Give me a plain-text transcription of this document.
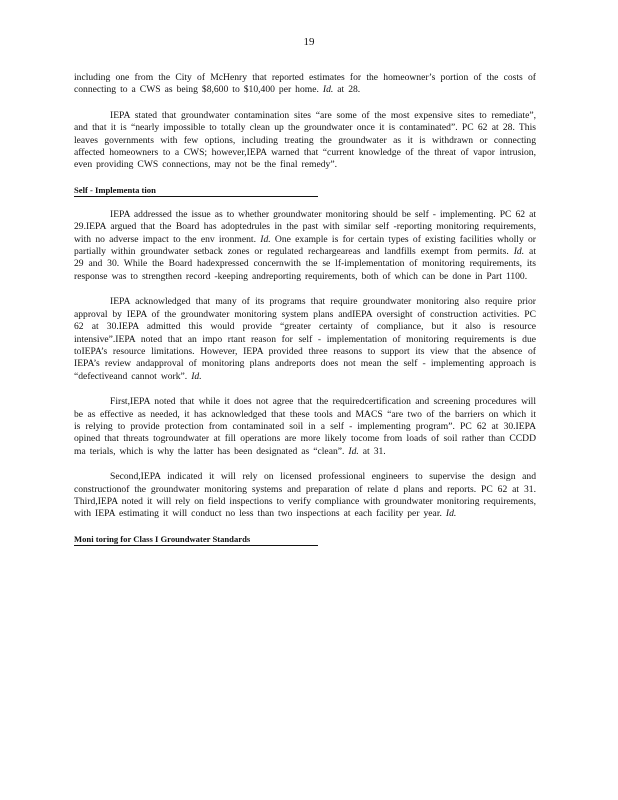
19

including one from the City of McHenry that reported estimates for the homeowner’s portion of the costs of connecting to a CWS as being $8,600 to $10,400 per home. Id. at 28.

IEPA stated that groundwater contamination sites “are some of the most expensive sites to remediate”, and that it is “nearly impossible to totally clean up the groundwater once it is contaminated”. PC 62 at 28. This leaves governments with few options, including treating the groundwater as it is withdrawn or connecting affected homeowners to a CWS; however,IEPA warned that “current knowledge of the threat of vapor intrusion, even providing CWS connections, may not be the final remedy”.

Self - Implementa tion

IEPA addressed the issue as to whether groundwater monitoring should be self - implementing. PC 62 at 29.IEPA argued that the Board has adoptedrules in the past with similar self -reporting monitoring requirements, with no adverse impact to the env ironment. Id. One example is for certain types of existing facilities wholly or partially within groundwater setback zones or regulated rechargeareas and landfills exempt from permits. Id. at 29 and 30. While the Board hadexpressed concernwith the se lf-implementation of monitoring requirements, its response was to strengthen record -keeping andreporting requirements, both of which can be done in Part 1100.

IEPA acknowledged that many of its programs that require groundwater monitoring also require prior approval by IEPA of the groundwater monitoring system plans andIEPA oversight of construction activities. PC 62 at 30.IEPA admitted this would provide “greater certainty of compliance, but it also is resource intensive”.IEPA noted that an impo rtant reason for self - implementation of monitoring requirements is due toIEPA’s resource limitations. However, IEPA provided three reasons to support its view that the absence of IEPA’s review andapproval of monitoring plans andreports does not mean the self - implementing approach is “defectiveand cannot work”. Id.

First,IEPA noted that while it does not agree that the requiredcertification and screening procedures will be as effective as needed, it has acknowledged that these tools and MACS “are two of the barriers on which it is relying to provide protection from contaminated soil in a self - implementing program”. PC 62 at 30.IEPA opined that threats togroundwater at fill operations are more likely tocome from loads of soil rather than CCDD ma terials, which is why the latter has been designated as “clean”. Id. at 31.

Second,IEPA indicated it will rely on licensed professional engineers to supervise the design and constructionof the groundwater monitoring systems and preparation of relate d plans and reports. PC 62 at 31. Third,IEPA noted it will rely on field inspections to verify compliance with groundwater monitoring requirements, with IEPA estimating it will conduct no less than two inspections at each facility per year. Id.

Moni toring for Class I Groundwater Standards
